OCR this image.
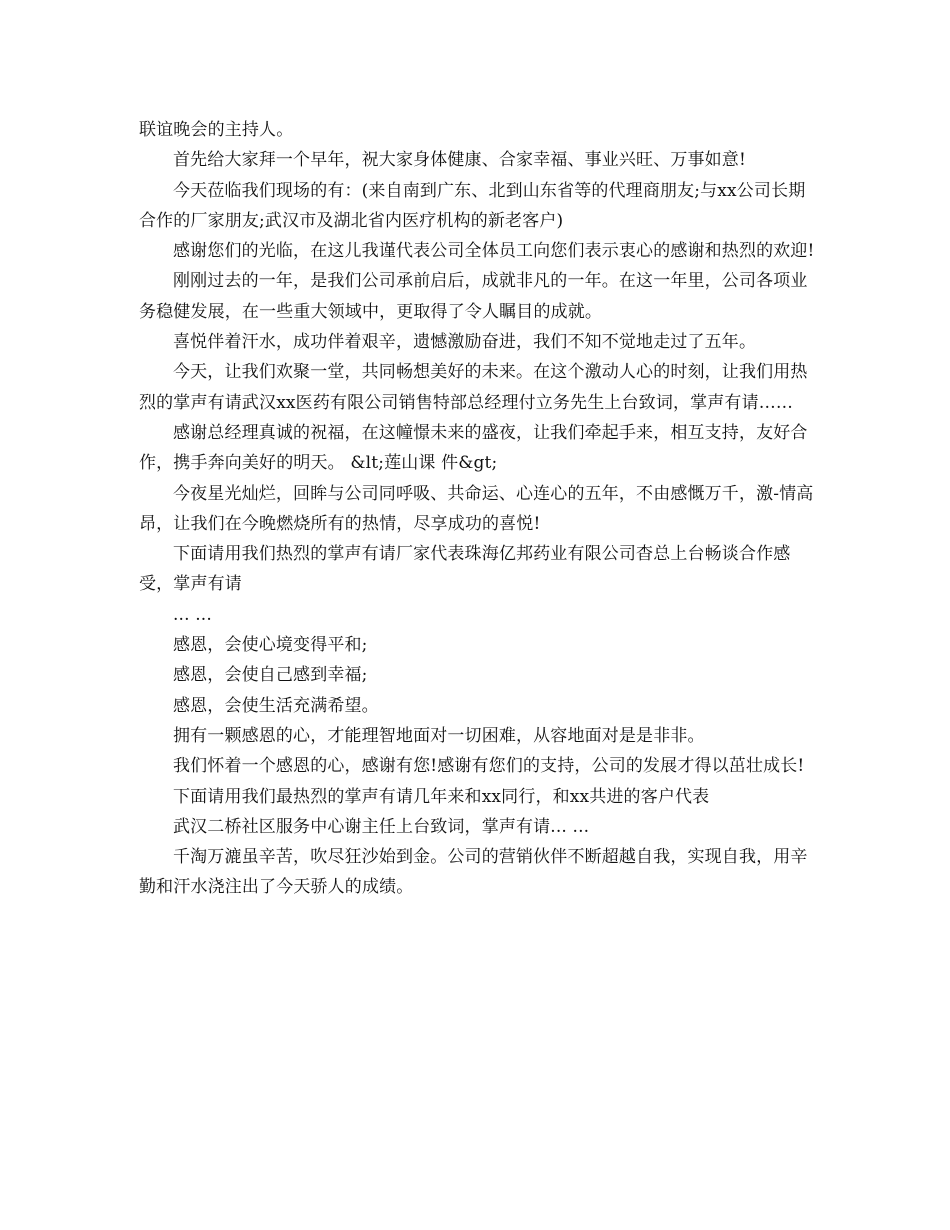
联谊晚会的主持人。

首先给大家拜一个早年，祝大家身体健康、合家幸福、事业兴旺、万事如意!

今天莅临我们现场的有：(来自南到广东、北到山东省等的代理商朋友;与xx公司长期合作的厂家朋友;武汉市及湖北省内医疗机构的新老客户)

感谢您们的光临，在这儿我谨代表公司全体员工向您们表示衷心的感谢和热烈的欢迎!

刚刚过去的一年，是我们公司承前启后，成就非凡的一年。在这一年里，公司各项业务稳健发展，在一些重大领域中，更取得了令人瞩目的成就。

喜悦伴着汗水，成功伴着艰辛，遗憾激励奋进，我们不知不觉地走过了五年。

今天，让我们欢聚一堂，共同畅想美好的未来。在这个激动人心的时刻，让我们用热烈的掌声有请武汉xx医药有限公司销售特部总经理付立务先生上台致词，掌声有请……

感谢总经理真诚的祝福，在这幢憬未来的盛夜，让我们牵起手来，相互支持，友好合作，携手奔向美好的明天。 &lt;莲山课 件&gt;

今夜星光灿烂，回眸与公司同呼吸、共命运、心连心的五年，不由感慨万千，激-情高昂，让我们在今晚燃烧所有的热情，尽享成功的喜悦!

下面请用我们热烈的掌声有请厂家代表珠海亿邦药业有限公司杳总上台畅谈合作感受，掌声有请

... ...

感恩，会使心境变得平和;

感恩，会使自己感到幸福;

感恩，会使生活充满希望。

拥有一颗感恩的心，才能理智地面对一切困难，从容地面对是是非非。

我们怀着一个感恩的心，感谢有您!感谢有您们的支持，公司的发展才得以茁壮成长!

下面请用我们最热烈的掌声有请几年来和xx同行，和xx共进的客户代表

武汉二桥社区服务中心谢主任上台致词，掌声有请... ...

千淘万漉虽辛苦，吹尽狂沙始到金。公司的营销伙伴不断超越自我，实现自我，用辛勤和汗水浇注出了今天骄人的成绩。
